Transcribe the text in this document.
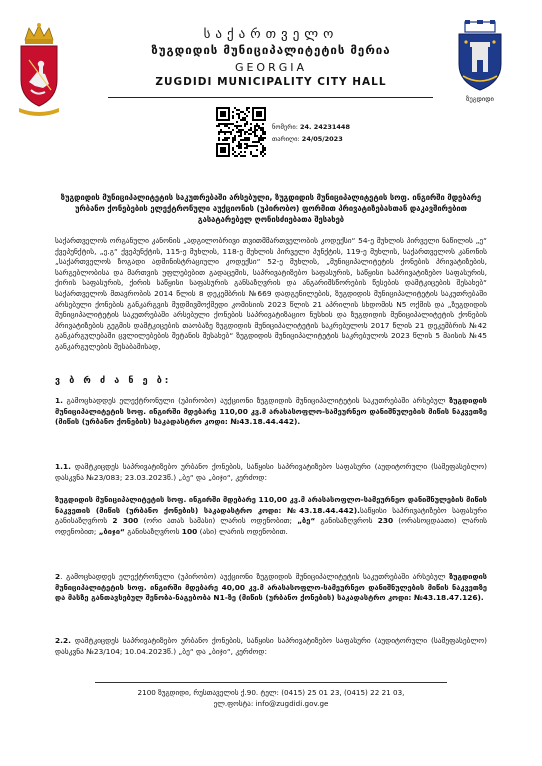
საქართველო
ზუგდიდის მუნიციპალიტეტის მერია
GEORGIA
ZUGDIDI MUNICIPALITY CITY HALL
ზუგდიდი
ნომერი: 24. 24231448
თარიღი: 24/05/2023
ზუგდიდის მუნიციპალიტეტის საკუთრებაში არსებული, ზუგდიდის მუნიციპალიტეტის სოფ. ინგირში მდებარე ურბანო ქონებების ელექტრონული აუქციონის (უპირობო) ფორმით პრივატიზებასთან დაკავშირებით გასატარებელ ღონისძიებათა შესახებ
საქართველოს ორგანული კანონის „ადგილობრივი თვითმმართველობის კოდექსი“ 54-ე მუხლის პირველი ნაწილის „ე“ ქვეპუნქტის, „ე.გ“ ქვეპუნქტის, 115-ე მუხლის, 118-ე მუხლის პირველი პუნქტის, 119-ე მუხლის, საქართველოს კანონის „საქართველოს ზოგადი ადმინისტრაციული კოდექსი“ 52-ე მუხლის, „მუნიციპალიტეტის ქონების პრივატიზების, სარგებლობისა და მართვის უფლებებით გადაცემის, საპრივატიზებო საფასურის, საწყისი საპრივატიზებო საფასურის, ქირის საფასურის, ქირის საწყისი საფასურის განსაზღვრის და ანგარიშსწორების წესების დამტკიცების შესახებ“ საქართველოს მთავრობის 2014 წლის 8 დეკემბრის №669 დადგენილების, ზუგდიდის მუნიციპალიტეტის საკუთრებაში არსებული ქონების განკარგვის მუდმივმოქმედი კომისიის 2023 წლის 21 აპრილის სხდომის N5 ოქმის და „ზუგდიდის მუნიციპალიტეტის საკუთრებაში არსებული ქონების საპრივატიზაციო ნუსხის და ზუგდიდის მუნიციპალიტეტის ქონების პრივატიზების გეგმის დამტკიცების თაობაზე ზუგდიდის მუნიციპალიტეტის საკრებულოს 2017 წლის 21 დეკემბრის №42 განკარგულებაში ცვლილებების შეტანის შესახებ“ ზუგდიდის მუნიციპალიტეტის საკრებულოს 2023 წლის 5 მაისის №45 განკარგულების შესაბამისად,
ვ ბ რ ძ ა ნ ე ბ:
1. გამოცხადდეს ელექტრონული (უპირობო) აუქციონი ზუგდიდის მუნიციპალიტეტის საკუთრებაში არსებულ ზუგდიდის მუნიციპალიტეტის სოფ. ინგირში მდებარე 110,00 კვ.მ არასასოფლო-სამეურნეო დანიშნულების მიწის ნაკვეთზე (მიწის (ურბანო ქონების) საკადასტრო კოდი: №43.18.44.442).
1.1. დამტკიცდეს საპრივატიზებო ურბანო ქონების, საწყისი საპრივატიზებო საფასური (აუდიტორული (სამეფასებლო) დასკვნა №23/083; 23.03.2023წ.) „ბე“ და „ბიჯი“, კერძოდ:
ზუგდიდის მუნიციპალიტეტის სოფ. ინგირში მდებარე 110,00 კვ.მ არასასოფლო-სამეურნეო დანიშნულების მიწის ნაკვეთის (მიწის (ურბანო ქონების) საკადასტრო კოდი: №43.18.44.442).საწყისი საპრივატიზებო საფასური განისაზღვროს 2 300 (ორი ათას სამასი) ლარის ოდენობით; „ბე“ განისაზღვროს 230 (ორასოცდაათი) ლარის ოდენობით; „ბიჯი“ განისაზღვროს 100 (ასი) ლარის ოდენობით.
2. გამოცხადდეს ელექტრონული (უპირობო) აუქციონი ზუგდიდის მუნიციპალიტეტის საკუთრებაში არსებულ ზუგდიდის მუნიციპალიტეტის სოფ. ინგირში მდებარე 40,00 კვ.მ არასასოფლო-სამეურნეო დანიშნულების მიწის ნაკვეთზე და მასზე განთავსებულ შენობა-ნაგებობა N1-ზე (მიწის (ურბანო ქონების) საკადასტრო კოდი: №43.18.47.126).
2.2. დამტკიცდეს საპრივატიზებო ურბანო ქონების, საწყისი საპრივატიზებო საფასური (აუდიტორული (სამეფასებლო) დასკვნა №23/104; 10.04.2023წ.) „ბე“ და „ბიჯი“, კერძოდ:
2100 ზუგდიდი, რუსთაველის ქ.90. ტელ: (0415) 25 01 23, (0415) 22 21 03,
ელ.ფოსტა: info@zugdidi.gov.ge
